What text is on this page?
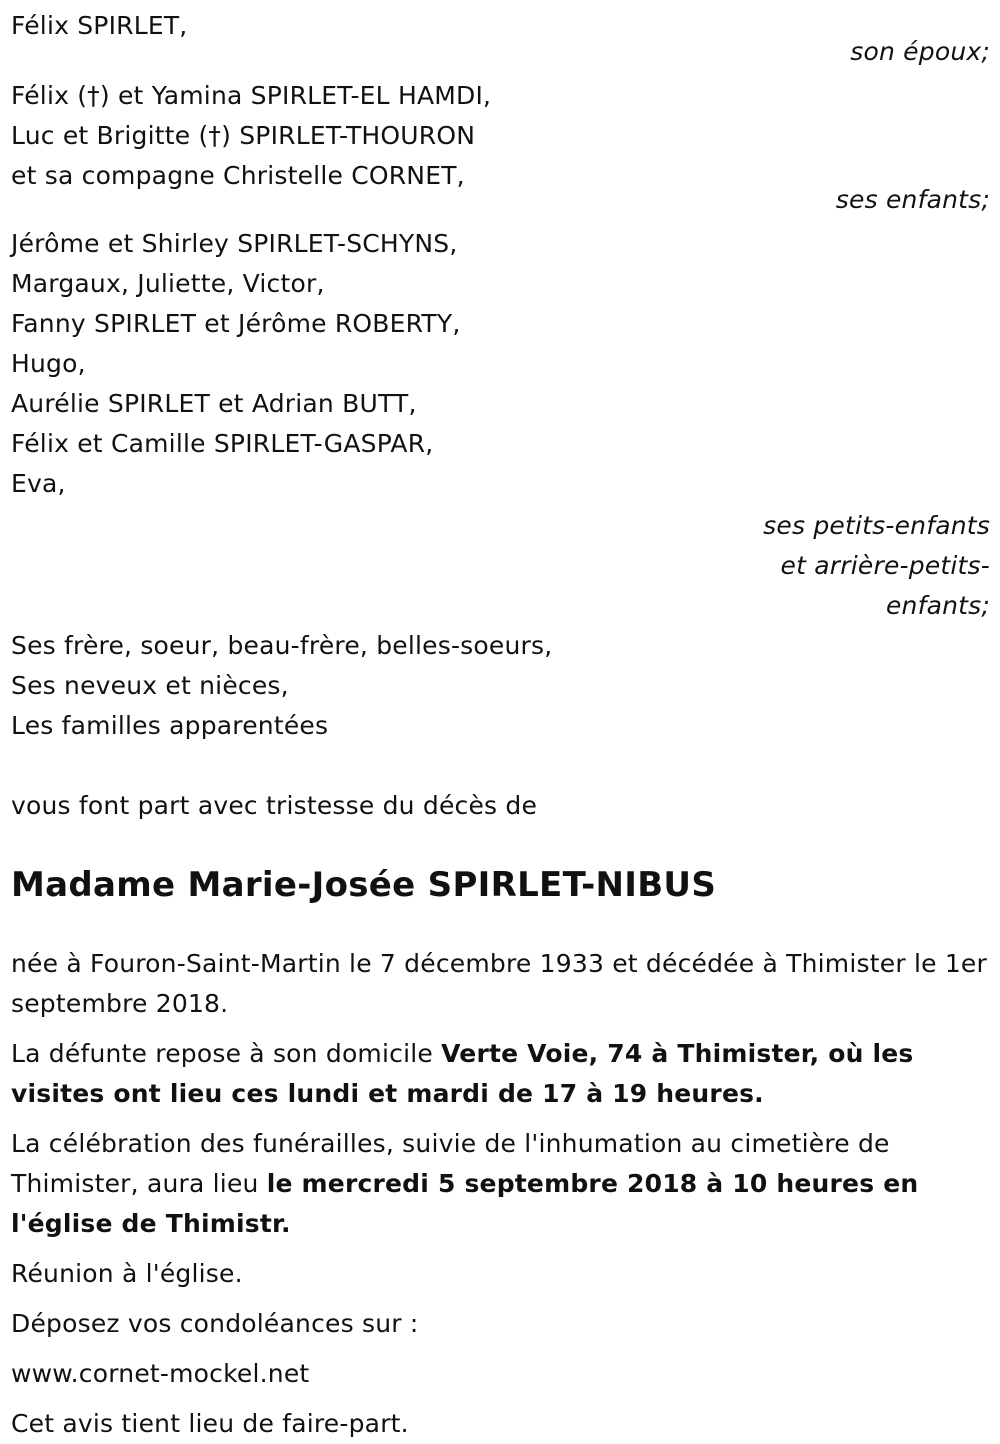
Félix SPIRLET,
son époux;
Félix (†) et Yamina SPIRLET-EL HAMDI,
Luc et Brigitte (†) SPIRLET-THOURON
et sa compagne Christelle CORNET,
ses enfants;
Jérôme et Shirley SPIRLET-SCHYNS,
Margaux, Juliette, Victor,
Fanny SPIRLET et Jérôme ROBERTY,
Hugo,
Aurélie SPIRLET et Adrian BUTT,
Félix et Camille SPIRLET-GASPAR,
Eva,
ses petits-enfants
et arrière-petits-
enfants;
Ses frère, soeur, beau-frère, belles-soeurs,
Ses neveux et nièces,
Les familles apparentées
vous font part avec tristesse du décès de
Madame Marie-Josée SPIRLET-NIBUS
née à Fouron-Saint-Martin le 7 décembre 1933 et décédée à Thimister le 1er septembre 2018.
La défunte repose à son domicile Verte Voie, 74 à Thimister, où les visites ont lieu ces lundi et mardi de 17 à 19 heures.
La célébration des funérailles, suivie de l'inhumation au cimetière de Thimister, aura lieu le mercredi 5 septembre 2018 à 10 heures en l'église de Thimistr.
Réunion à l'église.
Déposez vos condoléances sur :
www.cornet-mockel.net
Cet avis tient lieu de faire-part.
